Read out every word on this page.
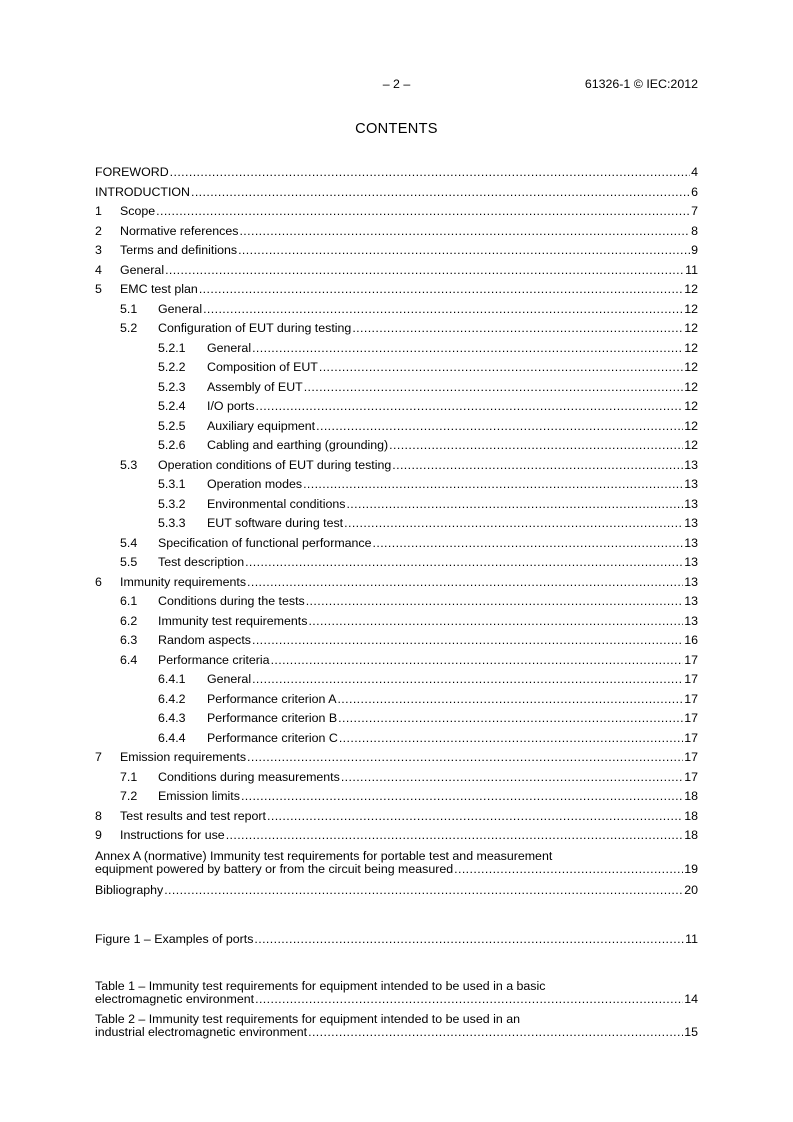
– 2 –	61326-1 © IEC:2012
CONTENTS
FOREWORD .....	4
INTRODUCTION .....	6
1	Scope .....	7
2	Normative references .....	8
3	Terms and definitions .....	9
4	General .....	11
5	EMC test plan .....	12
5.1	General .....	12
5.2	Configuration of EUT during testing .....	12
5.2.1	General .....	12
5.2.2	Composition of EUT .....	12
5.2.3	Assembly of EUT .....	12
5.2.4	I/O ports .....	12
5.2.5	Auxiliary equipment .....	12
5.2.6	Cabling and earthing (grounding) .....	12
5.3	Operation conditions of EUT during testing .....	13
5.3.1	Operation modes .....	13
5.3.2	Environmental conditions .....	13
5.3.3	EUT software during test .....	13
5.4	Specification of functional performance .....	13
5.5	Test description .....	13
6	Immunity requirements .....	13
6.1	Conditions during the tests .....	13
6.2	Immunity test requirements .....	13
6.3	Random aspects .....	16
6.4	Performance criteria .....	17
6.4.1	General .....	17
6.4.2	Performance criterion A .....	17
6.4.3	Performance criterion B .....	17
6.4.4	Performance criterion C .....	17
7	Emission requirements .....	17
7.1	Conditions during measurements .....	17
7.2	Emission limits .....	18
8	Test results and test report .....	18
9	Instructions for use .....	18
Annex A (normative) Immunity test requirements for portable test and measurement
equipment powered by battery or from the circuit being measured .....	19
Bibliography .....	20
Figure 1 – Examples of ports .....	11
Table 1 – Immunity test requirements for equipment intended to be used in a basic
electromagnetic environment .....	14
Table 2 – Immunity test requirements for equipment intended to be used in an
industrial electromagnetic environment .....	15
